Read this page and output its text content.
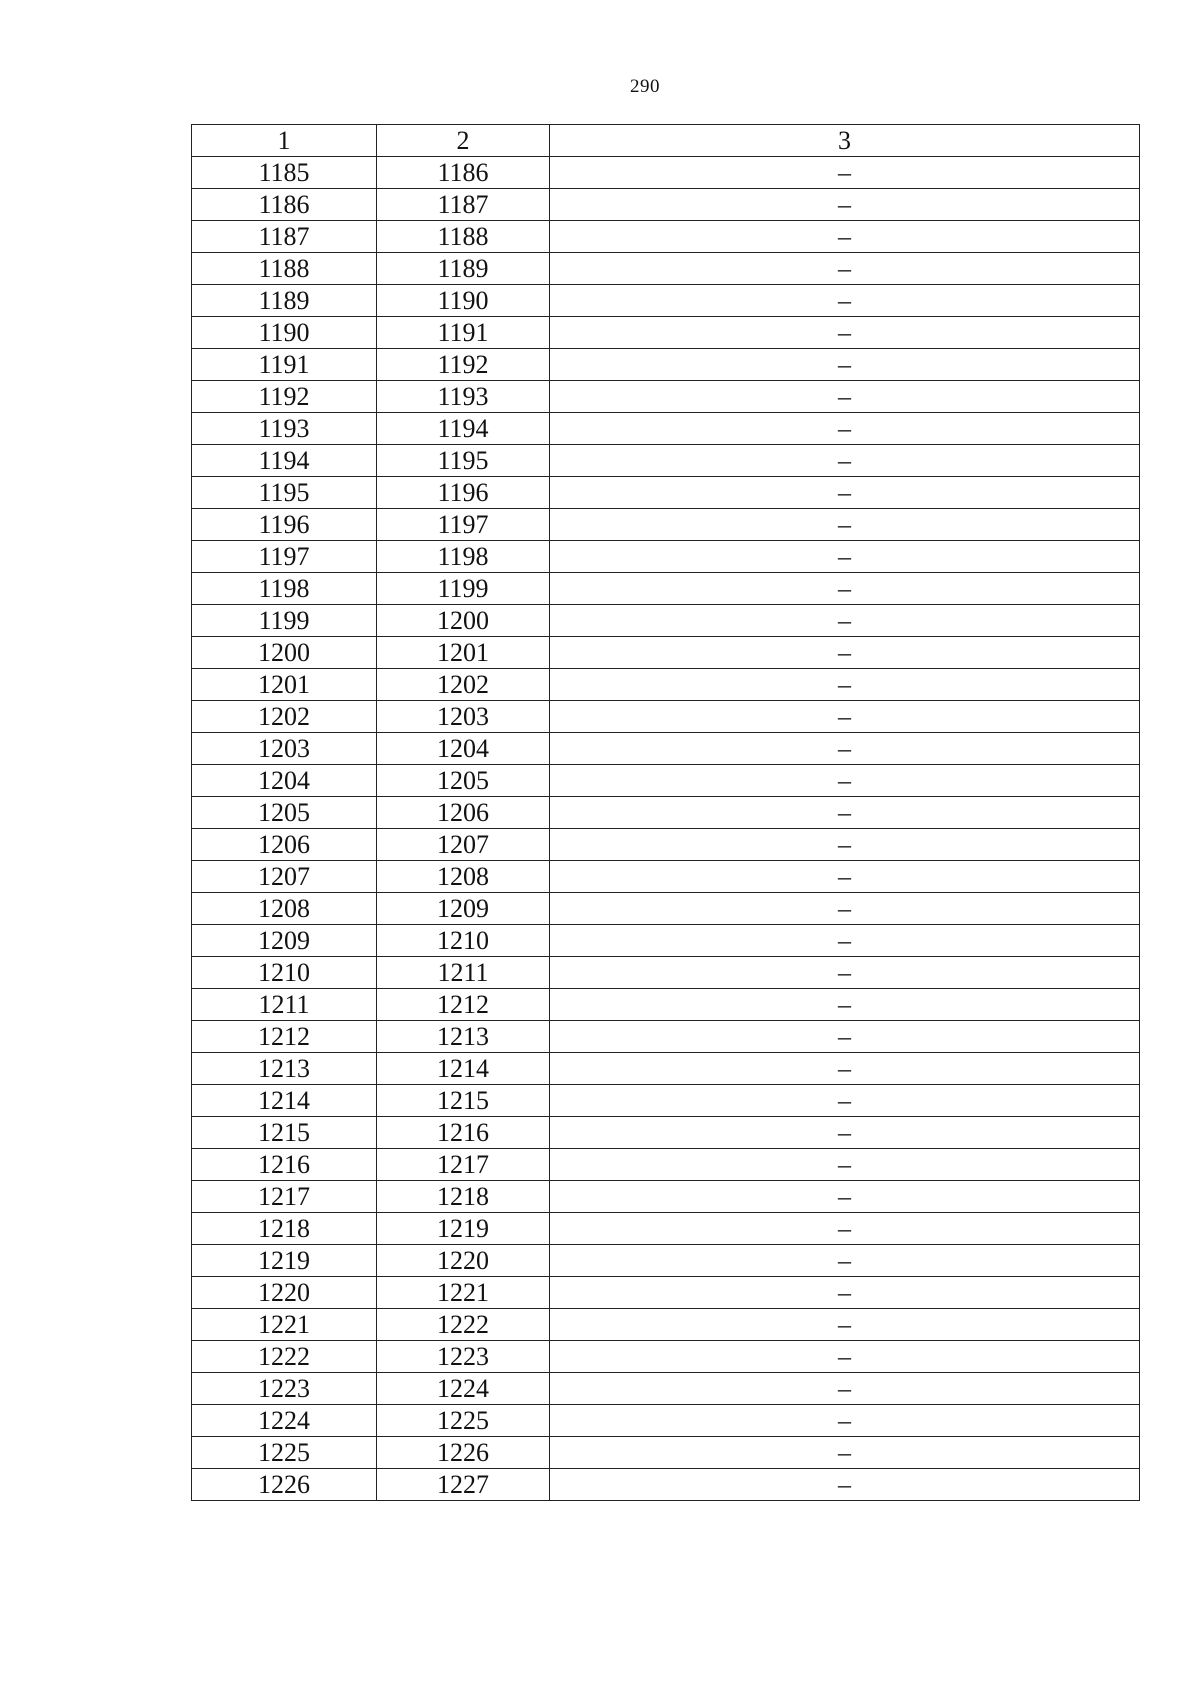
290
1	2	3
1185	1186	–
1186	1187	–
1187	1188	–
1188	1189	–
1189	1190	–
1190	1191	–
1191	1192	–
1192	1193	–
1193	1194	–
1194	1195	–
1195	1196	–
1196	1197	–
1197	1198	–
1198	1199	–
1199	1200	–
1200	1201	–
1201	1202	–
1202	1203	–
1203	1204	–
1204	1205	–
1205	1206	–
1206	1207	–
1207	1208	–
1208	1209	–
1209	1210	–
1210	1211	–
1211	1212	–
1212	1213	–
1213	1214	–
1214	1215	–
1215	1216	–
1216	1217	–
1217	1218	–
1218	1219	–
1219	1220	–
1220	1221	–
1221	1222	–
1222	1223	–
1223	1224	–
1224	1225	–
1225	1226	–
1226	1227	–
